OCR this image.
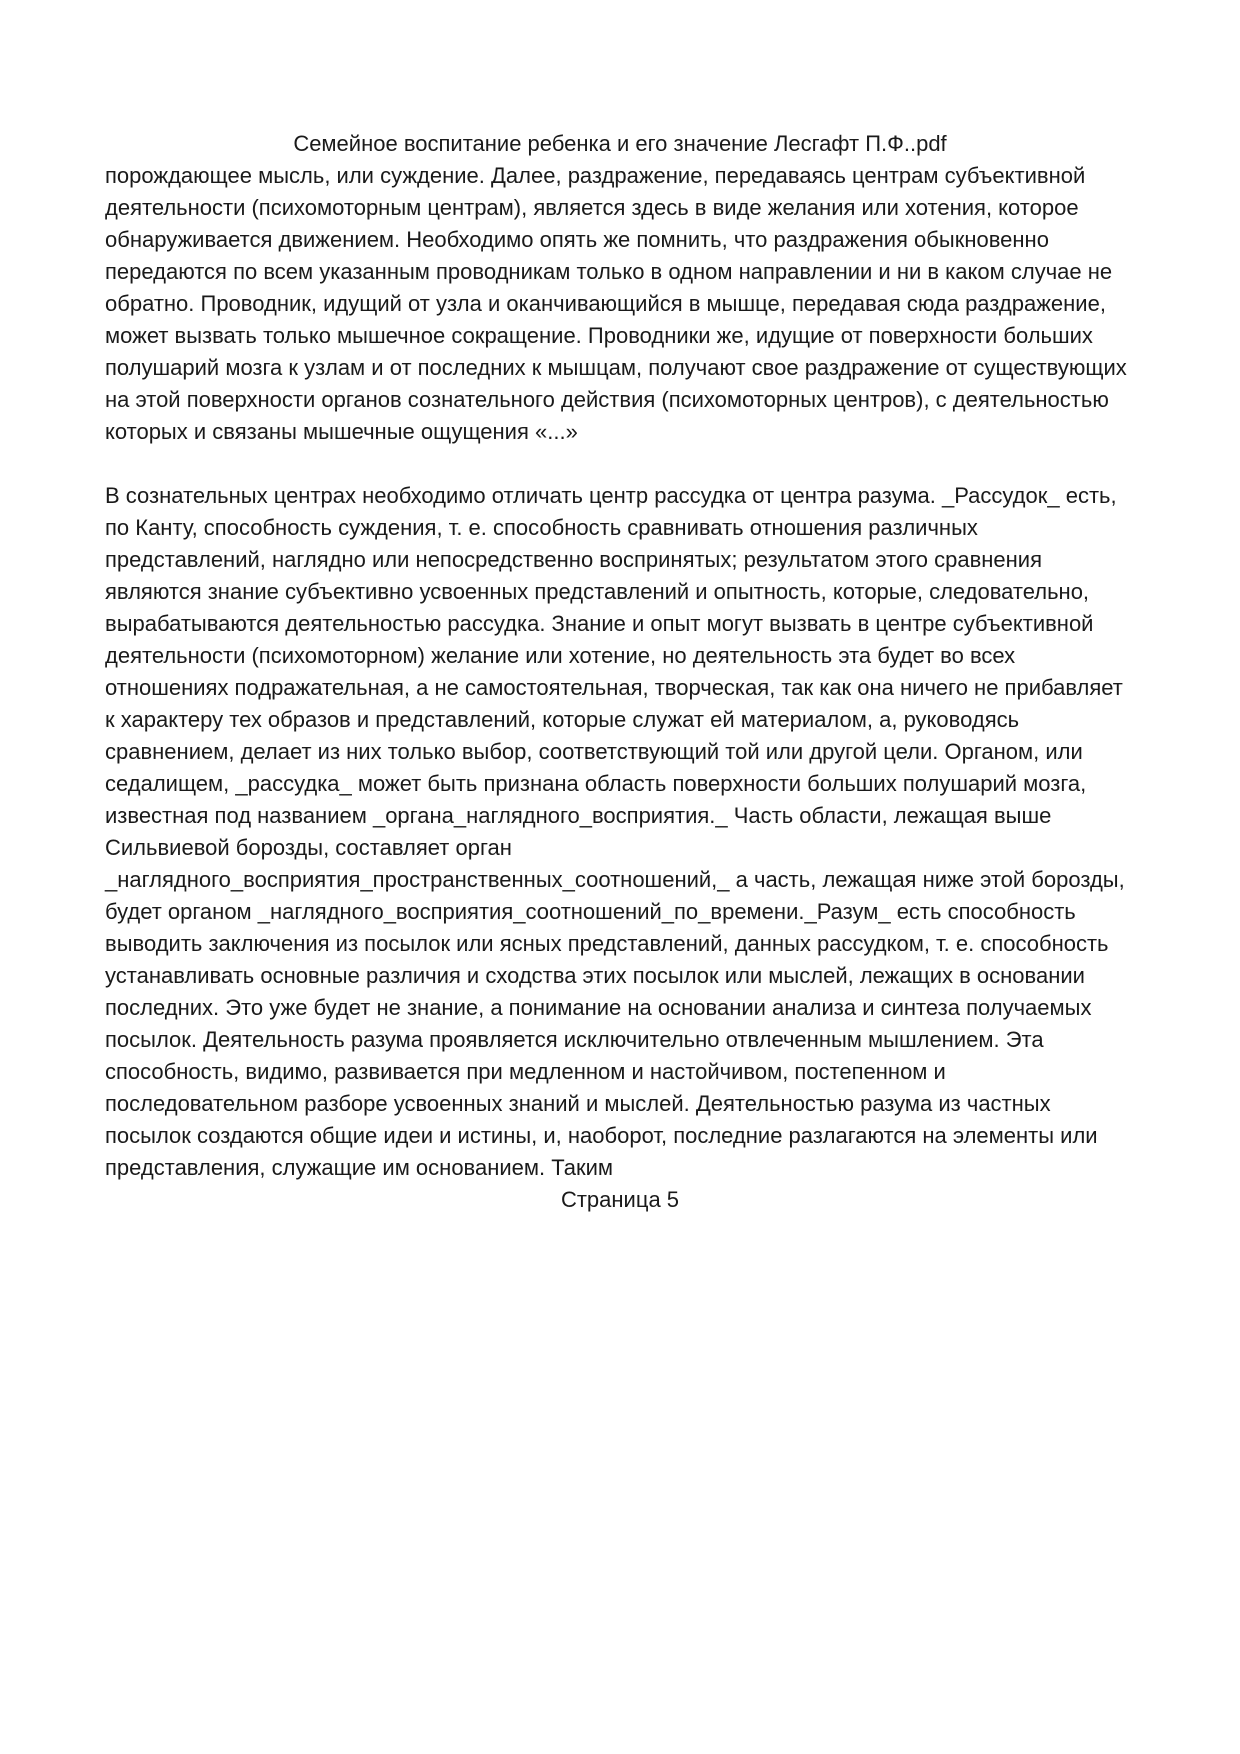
Семейное воспитание ребенка и его значение Лесгафт П.Ф..pdf

порождающее мысль, или суждение. Далее, раздражение, передаваясь центрам субъективной деятельности (психомоторным центрам), является здесь в виде желания или хотения, которое обнаруживается движением. Необходимо опять же помнить, что раздражения обыкновенно передаются по всем указанным проводникам только в одном направлении и ни в каком случае не обратно. Проводник, идущий от узла и оканчивающийся в мышце, передавая сюда раздражение, может вызвать только мышечное сокращение. Проводники же, идущие от поверхности больших полушарий мозга к узлам и от последних к мышцам, получают свое раздражение от существующих на этой поверхности органов сознательного действия (психомоторных центров), с деятельностью которых и связаны мышечные ощущения «...»

В сознательных центрах необходимо отличать центр рассудка от центра разума. _Рассудок_ есть, по Канту, способность суждения, т. е. способность сравнивать отношения различных представлений, наглядно или непосредственно воспринятых; результатом этого сравнения являются знание субъективно усвоенных представлений и опытность, которые, следовательно, вырабатываются деятельностью рассудка. Знание и опыт могут вызвать в центре субъективной деятельности (психомоторном) желание или хотение, но деятельность эта будет во всех отношениях подражательная, а не самостоятельная, творческая, так как она ничего не прибавляет к характеру тех образов и представлений, которые служат ей материалом, а, руководясь сравнением, делает из них только выбор, соответствующий той или другой цели. Органом, или седалищем, _рассудка_ может быть признана область поверхности больших полушарий мозга, известная под названием _органа_наглядного_восприятия._ Часть области, лежащая выше Сильвиевой борозды, составляет орган _наглядного_восприятия_пространственных_соотношений,_ а часть, лежащая ниже этой борозды, будет органом _наглядного_восприятия_соотношений_по_времени._Разум_ есть способность выводить заключения из посылок или ясных представлений, данных рассудком, т. е. способность устанавливать основные различия и сходства этих посылок или мыслей, лежащих в основании последних. Это уже будет не знание, а понимание на основании анализа и синтеза получаемых посылок. Деятельность разума проявляется исключительно отвлеченным мышлением. Эта способность, видимо, развивается при медленном и настойчивом, постепенном и последовательном разборе усвоенных знаний и мыслей. Деятельностью разума из частных посылок создаются общие идеи и истины, и, наоборот, последние разлагаются на элементы или представления, служащие им основанием. Таким

Страница 5
